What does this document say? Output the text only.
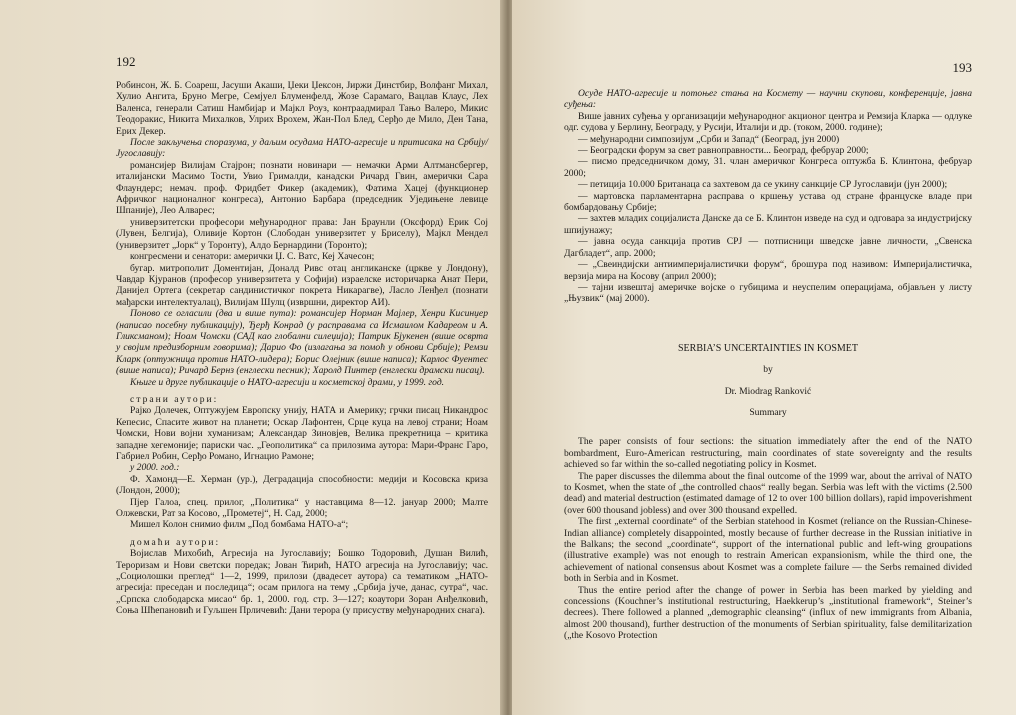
192

Робинсон, Ж. Б. Сoареш, Јасуши Акаши, Џеки Џексон, Јиржи Динстбир, Волфанг Михал, Хулио Ангита, Бруно Мегре, Семјуел Блуменфелд, Жозе Сарамаго, Вацлав Клаус, Лех Валенса, генерали Сатиш Намбијар и Мајкл Роуз, контраадмирал Тањо Валеро, Микис Теодоракис, Никита Михалков, Улрих Врохем, Жан-Пол Блед, Серђо де Мило, Ден Тана, Ерих Декер.

После закључења споразума, у даљим осудама НАТО-агресије и притисака на Србију/Југославију:

романсијер Вилијам Стајрон; познати новинари — немачки Арми Алтмансбергер, италијански Масимо Тости, Увио Грималди, канадски Ричард Гвин, амерички Сара Флаундерс; немач. проф. Фридбет Фикер (академик), Фатима Хацеј (функционер Афричког националног конгреса), Антонио Барбара (председник Уједињене левице Шпаније), Лео Алварес;

универзитетски професори међународног права: Јан Браунли (Оксфорд) Ерик Сој (Лувен, Белгија), Оливије Кортон (Слободан универзитет у Бриселу), Мајкл Мендел (универзитет „Јорк“ у Торонту), Алдо Бернардини (Торонто);

конгресмени и сенатори: амерички Џ. С. Ватс, Кеј Хачесон;

бугар. митрополит Доментијан, Доналд Ривс отац англиканске (цркве у Лондону), Чавдар Кјуранов (професор универзитета у Софији) израелске историчарка Анат Пери, Данијел Ортега (секретар сандинистичког покрета Никарагве), Ласло Ленђел (познати мађарски интелектуалац), Вилијам Шулц (извршни, директор АИ).

Поново се огласили (два и више пута): романсијер Норман Мајлер, Хенри Кисинџер (написао посебну публикацију), Ђерђ Конрад (у расправама са Исмаилом Кадареом и А. Гликсманом); Ноам Чомски (САД као глобални силеџија); Патрик Бјукенен (више осврта у својим предизборним говорима); Дарио Фо (излагања за помоћ у обнови Србије); Ремзи Кларк (оптужница против НАТО-лидера); Борис Олејник (више написа); Карлос Фуентес (више написа); Ричард Бернз (енглески песник); Харолд Пинтер (енглески драмски писац).

Књиге и друге публикације о НАТО-агресији и косметској драми, у 1999. год.

страни аутори:

Рајко Долечек, Оптужујем Европску унију, НАТА и Америку; грчки писац Никандрос Кепесис, Спасите живот на планети; Оскар Лафонтен, Срце куца на левој страни; Ноам Чомски, Нови војни хуманизам; Александар Зиновјев, Велика прекретница – критика западне хегемоније; париски час. „Геополитика“ са прилозима аутора: Мари-Франс Гаро, Габриел Робин, Серђо Романо, Игнацио Рамоне;

у 2000. год.:

Ф. Хамонд—Е. Херман (ур.), Деградација способности: медији и Косовска криза (Лондон, 2000);

Пјер Галоа, спец. прилог, „Политика“ у наставцима 8—12. јануар 2000; Малте Олжевски, Рат за Косово, „Прометеј“, Н. Сад, 2000;

Мишел Колон снимио филм „Под бомбама НАТО-а“;

домаћи аутори:

Војислав Михобић, Агресија на Југославију; Бошко Тодоровић, Душан Вилић, Тероризам и Нови светски поредак; Јован Ћирић, НАТО агресија на Југославију; час. „Социолошки преглед“ 1—2, 1999, прилози (двадесет аутора) са тематиком „НАТО-агресија: преседан и последица“; осам прилога на тему „Србија јуче, данас, сутра“, час. „Српска слободарска мисао“ бр. 1, 2000. год. стр. 3—127; коаутори Зоран Анђелковић, Соња Шћепановић и Гуљшен Прличевић: Дани терора (у присуству међународних снага).

193

Осуде НАТО-агресије и потоњег стања на Космету — научни скупови, конференције, јавна суђења:

Више јавних суђења у организацији међународног акционог центра и Ремзија Кларка — одлуке одг. судова у Берлину, Београду, у Русији, Италији и др. (током, 2000. године);

— међународни симпозијум „Срби и Запад“ (Београд, јун 2000)

— Београдски форум за свет равноправности... Београд, фебруар 2000;

— писмо председничком дому, 31. члан америчког Конгреса оптужба Б. Клинтона, фебруар 2000;

— петиција 10.000 Британаца са захтевом да се укину санкције СР Југославији (јун 2000);

— мартовска парламентарна расправа о кршењу устава од стране француске владе при бомбардовању Србије;

— захтев младих социјалиста Данске да се Б. Клинтон изведе на суд и одговара за индустријску шпијунажу;

— јавна осуда санкција против СРЈ — потписници шведске јавне личности, „Свенска Дагбладет“, апр. 2000;

— „Свеиндијски антиимперијалистички форум“, брошура под називом: Империјалистичка, верзија мира на Косову (април 2000);

— тајни извештај америчке војске о губицима и неуспелим операцијама, објављен у листу „Њузвик“ (мај 2000).

SERBIA’S UNCERTAINTIES IN KOSMET
by
Dr. Miodrag Ranković
Summary

The paper consists of four sections: the situation immediately after the end of the NATO bombardment, Euro-American restructuring, main coordinates of state sovereignty and the results achieved so far within the so-called negotiating policy in Kosmet.

The paper discusses the dilemma about the final outcome of the 1999 war, about the arrival of NATO to Kosmet, when the state of „the controlled chaos“ really began. Serbia was left with the victims (2.500 dead) and material destruction (estimated damage of 12 to over 100 billion dollars), rapid impoverishment (over 600 thousand jobless) and over 300 thousand expelled.

The first „external coordinate“ of the Serbian statehood in Kosmet (reliance on the Russian-Chinese-Indian alliance) completely disappointed, mostly because of further decrease in the Russian initiative in the Balkans; the second „coordinate“, support of the international public and left-wing groupations (illustrative example) was not enough to restrain American expansionism, while the third one, the achievement of national consensus about Kosmet was a complete failure — the Serbs remained divided both in Serbia and in Kosmet.

Thus the entire period after the change of power in Serbia has been marked by yielding and concessions (Kouchner’s institutional restructuring, Haekkerup’s „institutional framework“, Steiner’s decrees). There followed a planned „demographic cleansing“ (influx of new immigrants from Albania, almost 200 thousand), further destruction of the monuments of Serbian spirituality, false demilitarization („the Kosovo Protection
